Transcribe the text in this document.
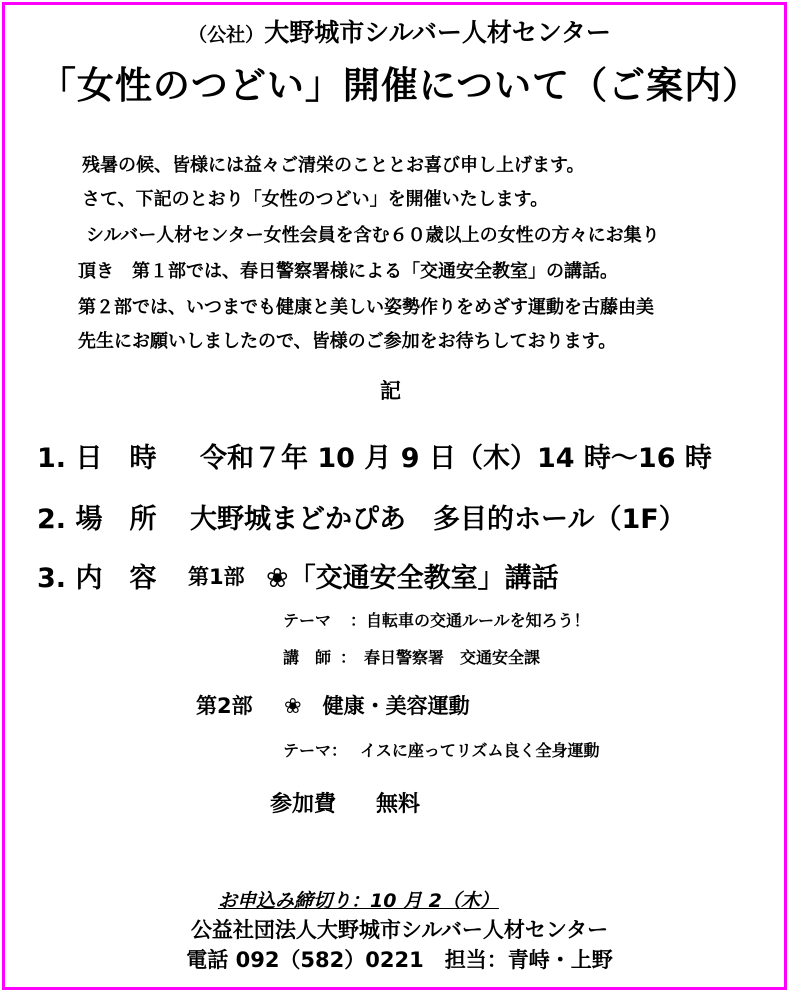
（公社）大野城市シルバー人材センター
「女性のつどい」開催について（ご案内）
残暑の候、皆様には益々ご清栄のこととお喜び申し上げます。
さて、下記のとおり「女性のつどい」を開催いたします。
シルバー人材センター女性会員を含む６０歳以上の女性の方々にお集り
頂き　第１部では、春日警察署様による「交通安全教室」の講話。
第２部では、いつまでも健康と美しい姿勢作りをめざす運動を古藤由美
先生にお願いしましたので、皆様のご参加をお待ちしております。
記
1. 日　時 令和７年 10 月 9 日（木）14 時～16 時
2. 場　所 大野城まどかぴあ　多目的ホール（1F）
3. 内　容 第1部 ❀「交通安全教室」講話
テーマ ：自転車の交通ルールを知ろう！
講　師 ：　春日警察署　交通安全課
第2部 ❀　健康・美容運動
テーマ： イスに座ってリズム良く全身運動
参加費 無料
お申込み締切り：10 月 2（木）
公益社団法人大野城市シルバー人材センター
電話 092（582）0221　 担当：青峙・上野
